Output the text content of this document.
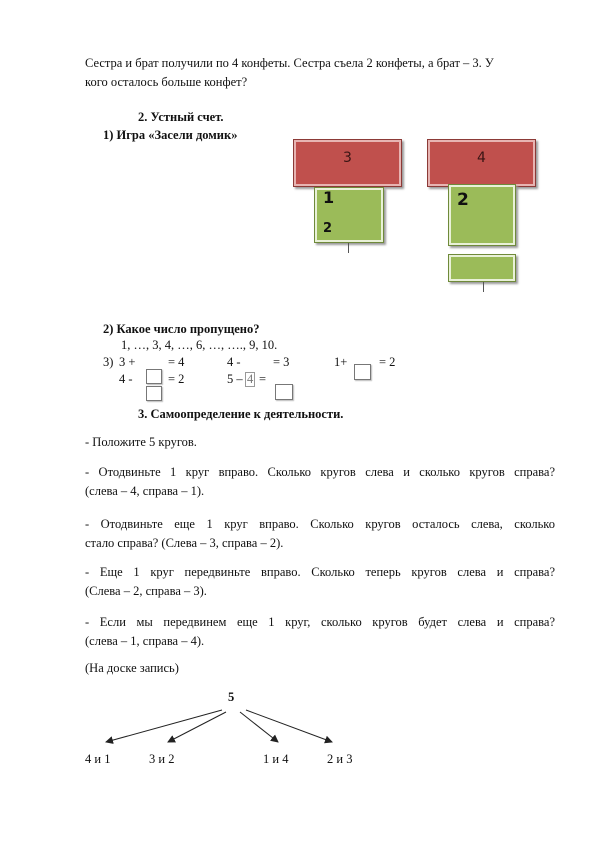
Сестра и брат получили по 4 конфеты. Сестра съела 2 конфеты, а брат – 3. У
кого осталось больше конфет?
2. Устный счет.
1) Игра «Засели домик»
3
1
2
4
2
2) Какое число пропущено?
1, …, 3, 4, …, 6, …, …., 9, 10.
3) 3 +	= 4	4 -	= 3	1+	= 2
4 -	= 2	5 – 4 =
3. Самоопределение к деятельности.
- Положите 5 кругов.
- Отодвиньте 1 круг вправо. Сколько кругов слева и сколько кругов справа?
(слева – 4, справа – 1).
- Отодвиньте еще 1 круг вправо. Сколько кругов осталось слева, сколько
стало справа? (Слева – 3, справа – 2).
- Еще 1 круг передвиньте вправо. Сколько теперь кругов слева и справа?
(Слева – 2, справа – 3).
- Если мы передвинем еще 1 круг, сколько кругов будет слева и справа?
(слева – 1, справа – 4).
(На доске запись)
5
4 и 1	3 и 2	1 и 4	2 и 3
